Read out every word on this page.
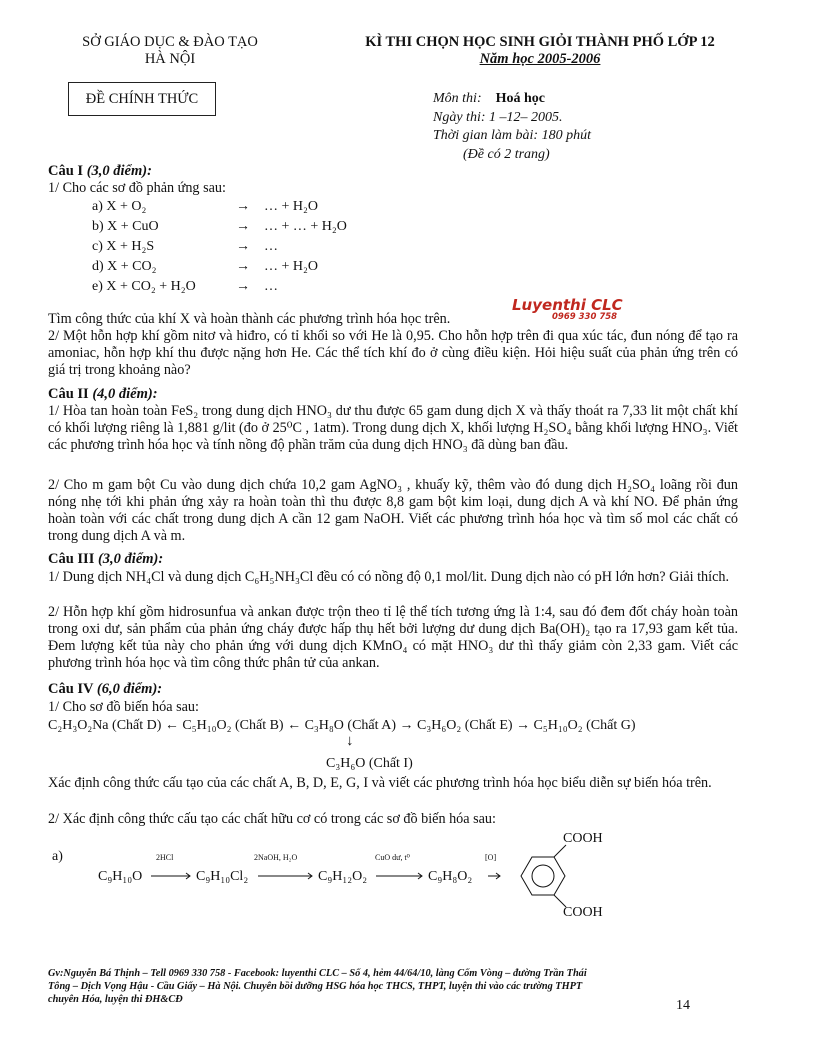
SỞ GIÁO DỤC & ĐÀO TẠO
HÀ NỘI
KÌ THI CHỌN HỌC SINH GIỎI THÀNH PHỐ LỚP 12
Năm học 2005-2006
ĐỀ CHÍNH THỨC	Môn thi: Hoá học
Ngày thi: 1 –12– 2005.
Thời gian làm bài: 180 phút
(Đề có 2 trang)
Câu I (3,0 điểm):
1/ Cho các sơ đồ phản ứng sau:
a) X + O₂	→ … + H₂O
b) X + CuO	→ … + … + H₂O
c) X + H₂S	→ …
d) X + CO₂	→ … + H₂O
e) X + CO₂ + H₂O	→ …
Tìm công thức của khí X và hoàn thành các phương trình hóa học trên.
Luyenthi CLC
0969 330 758
2/ Một hỗn hợp khí gồm nitơ và hiđro, có tỉ khối so với He là 0,95. Cho hỗn hợp trên đi qua xúc tác, đun nóng để tạo ra amoniac, hỗn hợp khí thu được nặng hơn He. Các thể tích khí đo ở cùng điều kiện. Hỏi hiệu suất của phản ứng trên có giá trị trong khoảng nào?
Câu II (4,0 điểm):
1/ Hòa tan hoàn toàn FeS₂ trong dung dịch HNO₃ dư thu được 65 gam dung dịch X và thấy thoát ra 7,33 lit một chất khí có khối lượng riêng là 1,881 g/lit (đo ở 25⁰C , 1atm). Trong dung dịch X, khối lượng H₂SO₄ bằng khối lượng HNO₃. Viết các phương trình hóa học và tính nồng độ phần trăm của dung dịch HNO₃ đã dùng ban đầu.
2/ Cho m gam bột Cu vào dung dịch chứa 10,2 gam AgNO₃ , khuấy kỹ, thêm vào đó dung dịch H₂SO₄ loãng rồi đun nóng nhẹ tới khi phản ứng xảy ra hoàn toàn thì thu được 8,8 gam bột kim loại, dung dịch A và khí NO. Để phản ứng hoàn toàn với các chất trong dung dịch A cần 12 gam NaOH. Viết các phương trình hóa học và tìm số mol các chất có trong dung dịch A và m.
Câu III (3,0 điểm):
1/ Dung dịch NH₄Cl và dung dịch C₆H₅NH₃Cl đều có có nồng độ 0,1 mol/lit. Dung dịch nào có pH lớn hơn? Giải thích.
2/ Hỗn hợp khí gồm hidrosunfua và ankan được trộn theo tỉ lệ thể tích tương ứng là 1:4, sau đó đem đốt cháy hoàn toàn trong oxi dư, sản phẩm của phản ứng cháy được hấp thụ hết bởi lượng dư dung dịch Ba(OH)₂ tạo ra 17,93 gam kết tủa. Đem lượng kết tủa này cho phản ứng với dung dịch KMnO₄ có mặt HNO₃ dư thì thấy giảm còn 2,33 gam. Viết các phương trình hóa học và tìm công thức phân tử của ankan.
Câu IV (6,0 điểm):
1/ Cho sơ đồ biến hóa sau:
C₂H₃O₂Na (Chất D) ← C₅H₁₀O₂ (Chất B) ← C₃H₈O (Chất A) → C₃H₆O₂ (Chất E) → C₅H₁₀O₂ (Chất G)
↓
C₃H₆O (Chất I)
Xác định công thức cấu tạo của các chất A, B, D, E, G, I và viết các phương trình hóa học biểu diễn sự biến hóa trên.
2/ Xác định công thức cấu tạo các chất hữu cơ có trong các sơ đồ biến hóa sau:
a)
C₉H₁₀O
2HCl
C₉H₁₀Cl₂
2NaOH, H₂O
C₉H₁₂O₂
CuO dư, t⁰
C₉H₈O₂
[O]
COOH
COOH
Gv:Nguyễn Bá Thịnh – Tell 0969 330 758 - Facebook: luyenthi CLC – Số 4, hẻm 44/64/10, làng Cốm Vòng – đường Trần Thái
Tông – Dịch Vọng Hậu - Cầu Giấy – Hà Nội. Chuyên bồi dưỡng HSG hóa học THCS, THPT, luyện thi vào các trường THPT
chuyên Hóa, luyện thi ĐH&CĐ	14
